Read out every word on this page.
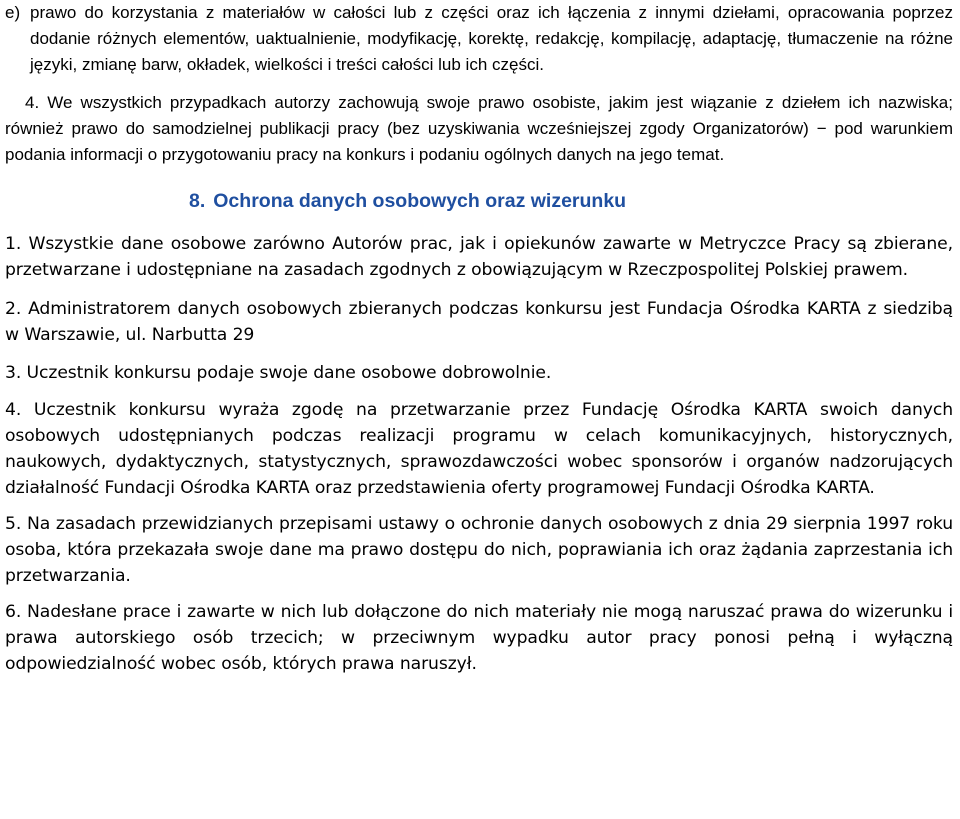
e) prawo do korzystania z materiałów w całości lub z części oraz ich łączenia z innymi dziełami, opracowania poprzez dodanie różnych elementów, uaktualnienie, modyfikację, korektę, redakcję, kompilację, adaptację, tłumaczenie na różne języki, zmianę barw, okładek, wielkości i treści całości lub ich części.

4. We wszystkich przypadkach autorzy zachowują swoje prawo osobiste, jakim jest wiązanie z dziełem ich nazwiska; również prawo do samodzielnej publikacji pracy (bez uzyskiwania wcześniejszej zgody Organizatorów) − pod warunkiem podania informacji o przygotowaniu pracy na konkurs i podaniu ogólnych danych na jego temat.

8. Ochrona danych osobowych oraz wizerunku

1. Wszystkie dane osobowe zarówno Autorów prac, jak i opiekunów zawarte w Metryczce Pracy są zbierane, przetwarzane i udostępniane na zasadach zgodnych z obowiązującym w Rzeczpospolitej Polskiej prawem.

2. Administratorem danych osobowych zbieranych podczas konkursu jest Fundacja Ośrodka KARTA z siedzibą w Warszawie, ul. Narbutta 29

3. Uczestnik konkursu podaje swoje dane osobowe dobrowolnie.

4. Uczestnik konkursu wyraża zgodę na przetwarzanie przez Fundację Ośrodka KARTA swoich danych osobowych udostępnianych podczas realizacji programu w celach komunikacyjnych, historycznych, naukowych, dydaktycznych, statystycznych, sprawozdawczości wobec sponsorów i organów nadzorujących działalność Fundacji Ośrodka KARTA oraz przedstawienia oferty programowej Fundacji Ośrodka KARTA.

5. Na zasadach przewidzianych przepisami ustawy o ochronie danych osobowych z dnia 29 sierpnia 1997 roku osoba, która przekazała swoje dane ma prawo dostępu do nich, poprawiania ich oraz żądania zaprzestania ich przetwarzania.

6. Nadesłane prace i zawarte w nich lub dołączone do nich materiały nie mogą naruszać prawa do wizerunku i prawa autorskiego osób trzecich; w przeciwnym wypadku autor pracy ponosi pełną i wyłączną odpowiedzialność wobec osób, których prawa naruszył.
